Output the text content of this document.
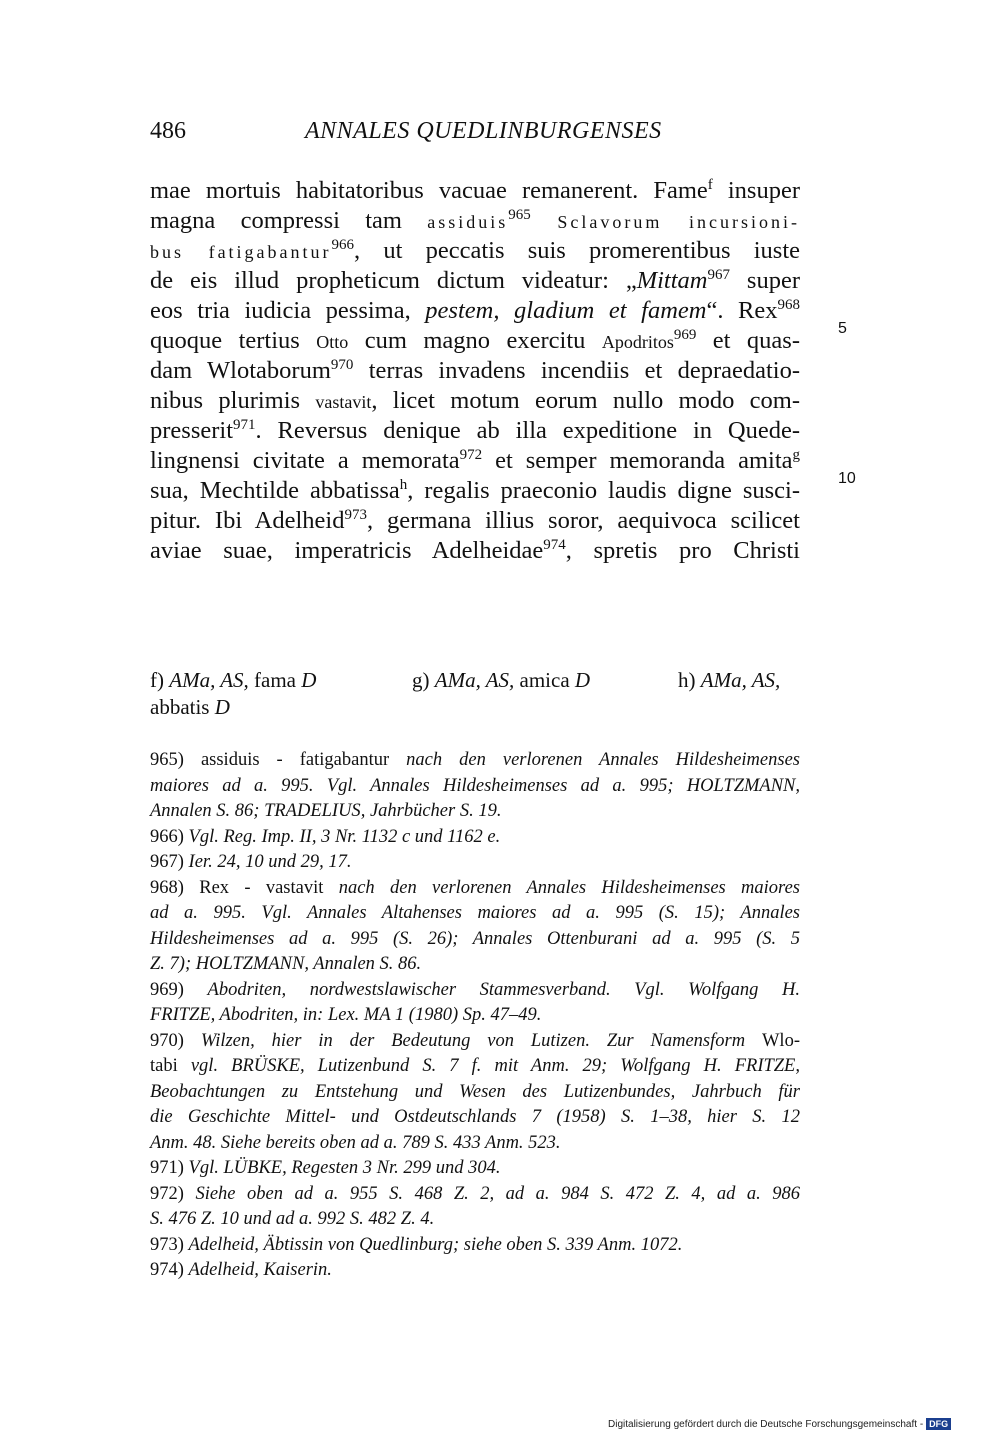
486	ANNALES QUEDLINBURGENSES
mae mortuis habitatoribus vacuae remanerent. Fame$^f$ insuper
magna compressi tam assiduis$^{965}$ Sclavorum incursioni-
bus fatigabantur$^{966}$, ut peccatis suis promerentibus iuste
de eis illud propheticum dictum videatur: „Mittam$^{967}$ super
eos tria iudicia pessima, pestem, gladium et famem“. Rex$^{968}$
quoque tertius Otto cum magno exercitu Apodritos$^{969}$ et quas-
dam Wlotaborum$^{970}$ terras invadens incendiis et depraedatio-
nibus plurimis vastavit, licet motum eorum nullo modo com-
presserit$^{971}$. Reversus denique ab illa expeditione in Quede-
lingnensi civitate a memorata$^{972}$ et semper memoranda amita$^g$
sua, Mechtilde abbatissa$^h$, regalis praeconio laudis digne susci-
pitur. Ibi Adelheid$^{973}$, germana illius soror, aequivoca scilicet
aviae suae, imperatricis Adelheidae$^{974}$, spretis pro Christi
5
10
f) AMa, AS, fama D	g) AMa, AS, amica D	h) AMa, AS,
abbatis D
965) assiduis - fatigabantur nach den verlorenen Annales Hildesheimenses
maiores ad a. 995. Vgl. Annales Hildesheimenses ad a. 995; HOLTZMANN,
Annalen S. 86; TRADELIUS, Jahrbücher S. 19.
966) Vgl. Reg. Imp. II, 3 Nr. 1132 c und 1162 e.
967) Ier. 24, 10 und 29, 17.
968) Rex - vastavit nach den verlorenen Annales Hildesheimenses maiores
ad a. 995. Vgl. Annales Altahenses maiores ad a. 995 (S. 15); Annales
Hildesheimenses ad a. 995 (S. 26); Annales Ottenburani ad a. 995 (S. 5
Z. 7); HOLTZMANN, Annalen S. 86.
969) Abodriten, nordwestslawischer Stammesverband. Vgl. Wolfgang H.
FRITZE, Abodriten, in: Lex. MA 1 (1980) Sp. 47–49.
970) Wilzen, hier in der Bedeutung von Lutizen. Zur Namensform Wlo-
tabi vgl. BRÜSKE, Lutizenbund S. 7 f. mit Anm. 29; Wolfgang H. FRITZE,
Beobachtungen zu Entstehung und Wesen des Lutizenbundes, Jahrbuch für
die Geschichte Mittel- und Ostdeutschlands 7 (1958) S. 1–38, hier S. 12
Anm. 48. Siehe bereits oben ad a. 789 S. 433 Anm. 523.
971) Vgl. LÜBKE, Regesten 3 Nr. 299 und 304.
972) Siehe oben ad a. 955 S. 468 Z. 2, ad a. 984 S. 472 Z. 4, ad a. 986
S. 476 Z. 10 und ad a. 992 S. 482 Z. 4.
973) Adelheid, Äbtissin von Quedlinburg; siehe oben S. 339 Anm. 1072.
974) Adelheid, Kaiserin.
Digitalisierung gefördert durch die Deutsche Forschungsgemeinschaft - DFG
